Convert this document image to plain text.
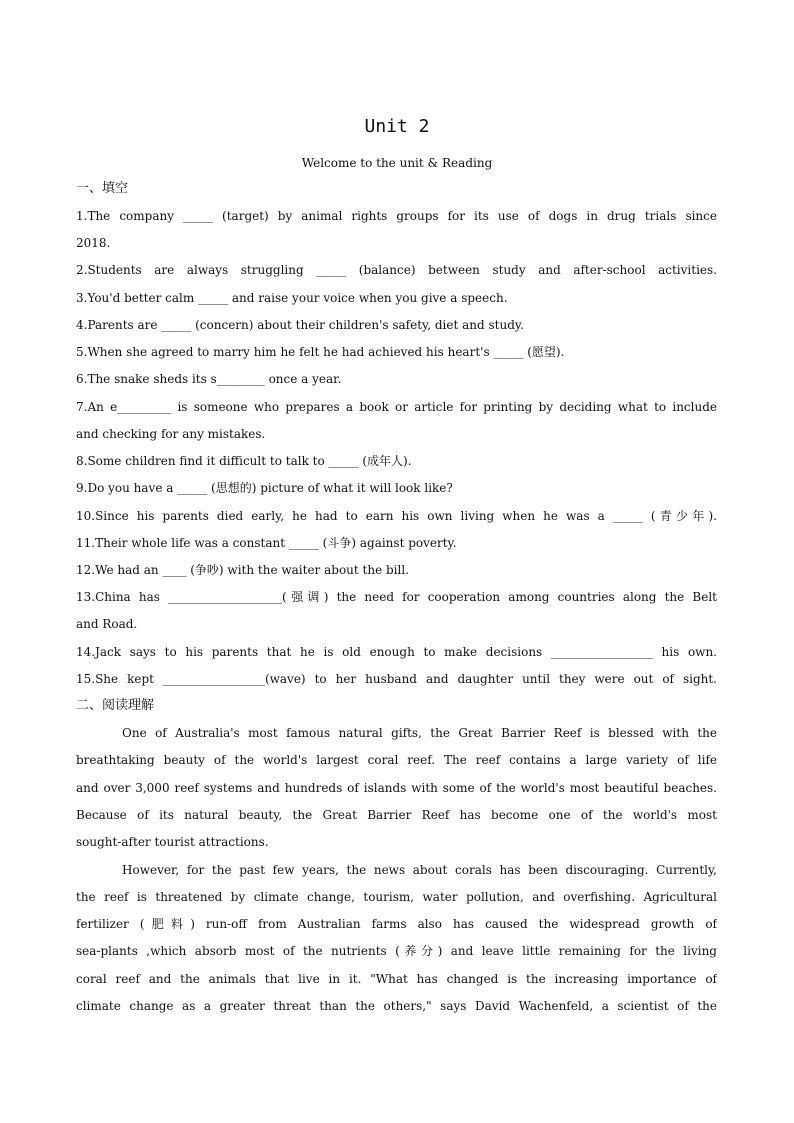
Unit 2
Welcome to the unit & Reading
一、填空
1.The company _____ (target) by animal rights groups for its use of dogs in drug trials since
2018.
2.Students are always struggling _____ (balance) between study and after-school activities.
3.You'd better calm _____ and raise your voice when you give a speech.
4.Parents are _____ (concern) about their children's safety, diet and study.
5.When she agreed to marry him he felt he had achieved his heart's _____ (愿望).
6.The snake sheds its s________ once a year.
7.An e_________ is someone who prepares a book or article for printing by deciding what to include
and checking for any mistakes.
8.Some children find it difficult to talk to _____ (成年人).
9.Do you have a _____ (思想的) picture of what it will look like?
10.Since his parents died early, he had to earn his own living when he was a _____ (青少年).
11.Their whole life was a constant _____ (斗争) against poverty.
12.We had an ____ (争吵) with the waiter about the bill.
13.China has ___________________(强调) the need for cooperation among countries along the Belt
and Road.
14.Jack says to his parents that he is old enough to make decisions _________________ his own.
15.She kept _________________(wave) to her husband and daughter until they were out of sight.
二、阅读理解
One of Australia's most famous natural gifts, the Great Barrier Reef is blessed with the
breathtaking beauty of the world's largest coral reef. The reef contains a large variety of life
and over 3,000 reef systems and hundreds of islands with some of the world's most beautiful beaches.
Because of its natural beauty, the Great Barrier Reef has become one of the world's most
sought-after tourist attractions.
However, for the past few years, the news about corals has been discouraging. Currently,
the reef is threatened by climate change, tourism, water pollution, and overfishing. Agricultural
fertilizer (肥料) run-off from Australian farms also has caused the widespread growth of
sea-plants ,which absorb most of the nutrients (养分) and leave little remaining for the living
coral reef and the animals that live in it. "What has changed is the increasing importance of
climate change as a greater threat than the others," says David Wachenfeld, a scientist of the
